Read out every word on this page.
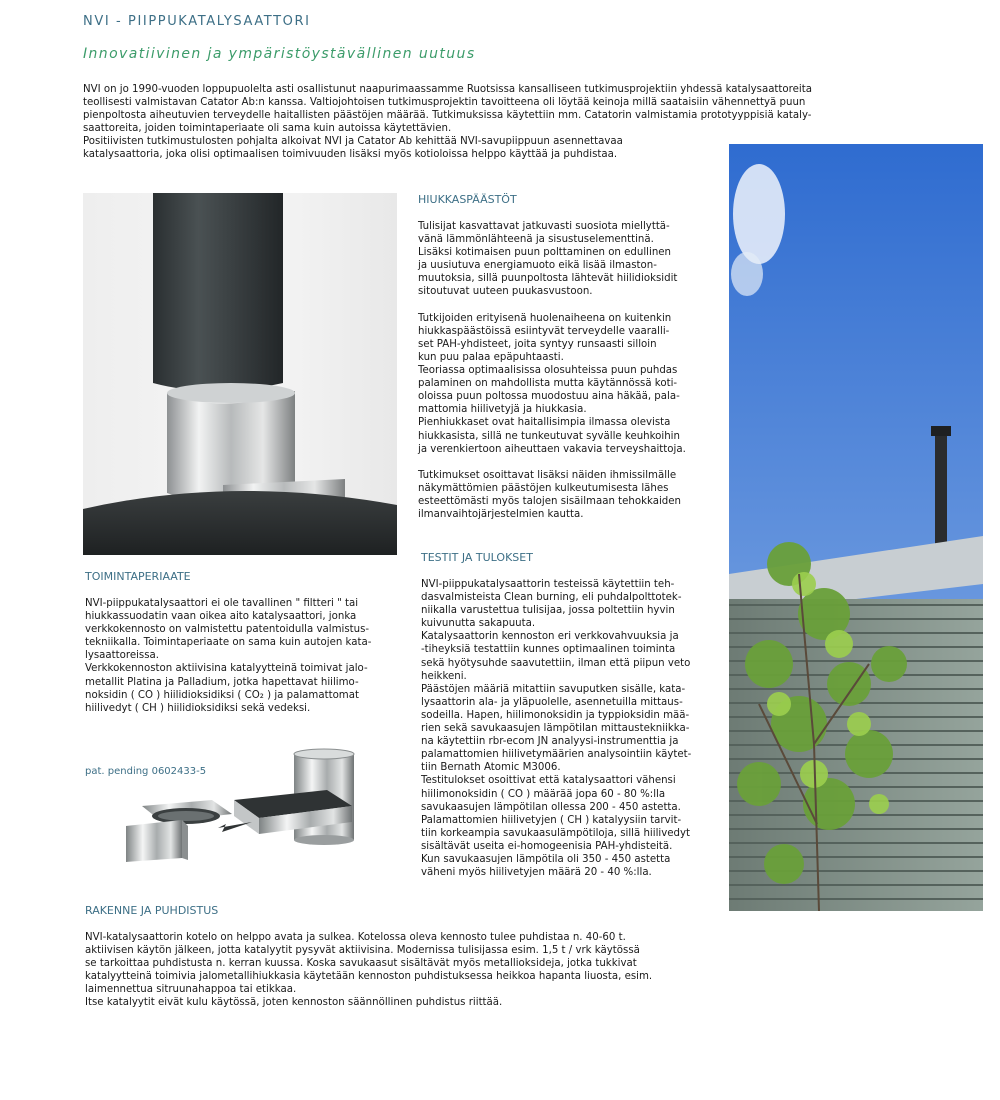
NVI - PIIPPUKATALYSAATTORI
Innovatiivinen ja ympäristöystävällinen uutuus

NVI on jo 1990-vuoden loppupuolelta asti osallistunut naapurimaassamme Ruotsissa kansalliseen tutkimusprojektiin yhdessä katalysaattoreita

teollisesti valmistavan Catator Ab:n kanssa. Valtiojohtoisen tutkimusprojektin tavoitteena oli löytää keinoja millä saataisiin vähennettyä puun

pienpoltosta aiheutuvien terveydelle haitallisten päästöjen määrää. Tutkimuksissa käytettiin mm. Catatorin valmistamia prototyyppisiä kataly-

saattoreita, joiden toimintaperiaate oli sama kuin autoissa käytettävien.

Positiivisten tutkimustulosten pohjalta alkoivat NVI ja Catator Ab kehittää NVI-savupiippuun asennettavaa

katalysaattoria, joka olisi optimaalisen toimivuuden lisäksi myös kotioloissa helppo käyttää ja puhdistaa.

TOIMINTAPERIAATE

NVI-piippukatalysaattori ei ole tavallinen " filtteri " tai

hiukkassuodatin vaan oikea aito katalysaattori, jonka

verkkokennosto on valmistettu patentoidulla valmistus-

tekniikalla. Toimintaperiaate on sama kuin autojen kata-

lysaattoreissa.

Verkkokennoston aktiivisina katalyytteinä toimivat jalo-

metallit Platina ja Palladium, jotka hapettavat hiilimo-

noksidin ( CO ) hiilidioksidiksi ( CO₂ ) ja palamattomat

hiilivedyt ( CH ) hiilidioksidiksi sekä vedeksi.

pat. pending 0602433-5
HIUKKASPÄÄSTÖT

Tulisijat kasvattavat jatkuvasti suosiota miellyttä-

vänä lämmönlähteenä ja sisustuselementtinä.

Lisäksi kotimaisen puun polttaminen on edullinen

ja uusiutuva energiamuoto eikä lisää ilmaston-

muutoksia, sillä puunpoltosta lähtevät hiilidioksidit

sitoutuvat uuteen puukasvustoon.

Tutkijoiden erityisenä huolenaiheena on kuitenkin

hiukkaspäästöissä esiintyvät terveydelle vaaralli-

set PAH-yhdisteet, joita syntyy runsaasti silloin

kun puu palaa epäpuhtaasti.

Teoriassa optimaalisissa olosuhteissa puun puhdas

palaminen on mahdollista mutta käytännössä koti-

oloissa puun poltossa muodostuu aina häkää, pala-

mattomia hiilivetyjä ja hiukkasia.

Pienhiukkaset ovat haitallisimpia ilmassa olevista

hiukkasista, sillä ne tunkeutuvat syvälle keuhkoihin

ja verenkiertoon aiheuttaen vakavia terveyshaittoja.

Tutkimukset osoittavat lisäksi näiden ihmissilmälle

näkymättömien päästöjen kulkeutumisesta lähes

esteettömästi myös talojen sisäilmaan tehokkaiden

ilmanvaihtojärjestelmien kautta.

TESTIT JA TULOKSET

NVI-piippukatalysaattorin testeissä käytettiin teh-

dasvalmisteista Clean burning, eli puhdalpolttotek-

niikalla varustettua tulisijaa, jossa poltettiin hyvin

kuivunutta sakapuuta.

Katalysaattorin kennoston eri verkkovahvuuksia ja

-tiheyksiä testattiin kunnes optimaalinen toiminta

sekä hyötysuhde saavutettiin, ilman että piipun veto

heikkeni.

Päästöjen määriä mitattiin savuputken sisälle, kata-

lysaattorin ala- ja yläpuolelle, asennetuilla mittaus-

sodeilla. Hapen, hiilimonoksidin ja typpioksidin mää-

rien sekä savukaasujen lämpötilan mittaustekniikka-

na käytettiin rbr-ecom JN analyysi-instrumenttia ja

palamattomien hiilivetymäärien analysointiin käytet-

tiin Bernath Atomic M3006.

Testitulokset osoittivat että katalysaattori vähensi

hiilimonoksidin ( CO ) määrää jopa 60 - 80 %:lla

savukaasujen lämpötilan ollessa 200 - 450 astetta.

Palamattomien hiilivetyjen ( CH ) katalyysiin tarvit-

tiin korkeampia savukaasulämpötiloja, sillä hiilivedyt

sisältävät useita ei-homogeenisia PAH-yhdisteitä.

Kun savukaasujen lämpötila oli 350 - 450 astetta

väheni myös hiilivetyjen määrä 20 - 40 %:lla.

RAKENNE JA PUHDISTUS

NVI-katalysaattorin kotelo on helppo avata ja sulkea. Kotelossa oleva kennosto tulee puhdistaa n. 40-60 t.

aktiivisen käytön jälkeen, jotta katalyytit pysyvät aktiivisina. Modernissa tulisijassa esim. 1,5 t / vrk käytössä

se tarkoittaa puhdistusta n. kerran kuussa. Koska savukaasut sisältävät myös metallioksideja, jotka tukkivat

katalyytteinä toimivia jalometallihiukkasia käytetään kennoston puhdistuksessa heikkoa hapanta liuosta, esim.

laimennettua sitruunahappoa tai etikkaa.

Itse katalyytit eivät kulu käytössä, joten kennoston säännöllinen puhdistus riittää.
